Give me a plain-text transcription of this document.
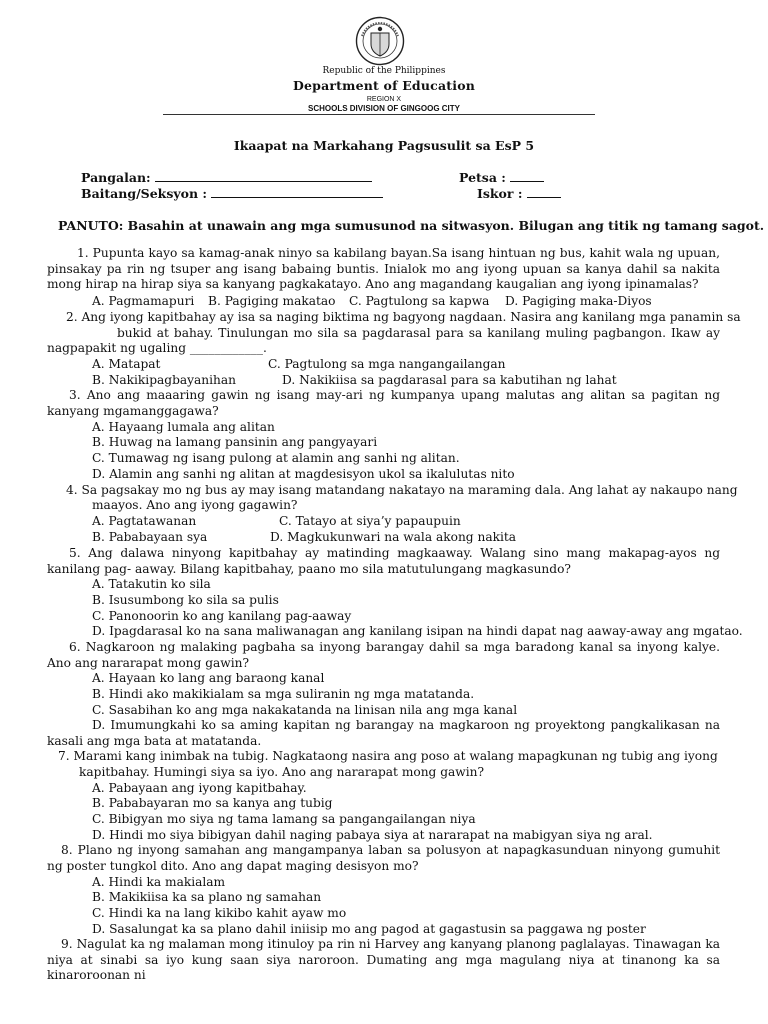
Republic of the Philippines
Department of Education
REGION X
SCHOOLS DIVISION OF GINGOOG CITY
Ikaapat na Markahang Pagsusulit sa EsP 5
Pangalan:	Petsa :
Baitang/Seksyon :	Iskor :
PANUTO: Basahin at unawain ang mga sumusunod na sitwasyon. Bilugan ang titik ng tamang sagot.
1. Pupunta kayo sa kamag-anak ninyo sa kabilang bayan.Sa isang hintuan ng bus, kahit wala ng upuan, pinsakay pa rin ng tsuper ang isang babaing buntis. Inialok mo ang iyong upuan sa kanya dahil sa nakita mong hirap na hirap siya sa kanyang pagkakatayo. Ano ang magandang kaugalian ang iyong ipinamalas?
A. Pagmamapuri B. Pagiging makatao C. Pagtulong sa kapwa D. Pagiging maka-Diyos
2. Ang iyong kapitbahay ay isa sa naging biktima ng bagyong nagdaan. Nasira ang kanilang mga panamin sa
bukid at bahay. Tinulungan mo sila sa pagdarasal para sa kanilang muling pagbangon. Ikaw ay
nagpapakit ng ugaling ____________.
A. Matapat	C. Pagtulong sa mga nangangailangan
B. Nakikipagbayanihan	D. Nakikiisa sa pagdarasal para sa kabutihan ng lahat
3. Ano ang maaaring gawin ng isang may-ari ng kumpanya upang malutas ang alitan sa pagitan ng kanyang mgamanggagawa?
A. Hayaang lumala ang alitan
B. Huwag na lamang pansinin ang pangyayari
C. Tumawag ng isang pulong at alamin ang sanhi ng alitan.
D. Alamin ang sanhi ng alitan at magdesisyon ukol sa ikalulutas nito
4. Sa pagsakay mo ng bus ay may isang matandang nakatayo na maraming dala. Ang lahat ay nakaupo nang
maayos. Ano ang iyong gagawin?
A. Pagtatawanan	C. Tatayo at siya’y papaupuin
B. Pababayaan sya	D. Magkukunwari na wala akong nakita
5. Ang dalawa ninyong kapitbahay ay matinding magkaaway. Walang sino mang makapag-ayos ng kanilang pag- aaway. Bilang kapitbahay, paano mo sila matutulungang magkasundo?
A. Tatakutin ko sila
B. Isusumbong ko sila sa pulis
C. Panonoorin ko ang kanilang pag-aaway
D. Ipagdarasal ko na sana maliwanagan ang kanilang isipan na hindi dapat nag aaway-away ang mgatao.
6. Nagkaroon ng malaking pagbaha sa inyong barangay dahil sa mga baradong kanal sa inyong kalye. Ano ang nararapat mong gawin?
A. Hayaan ko lang ang baraong kanal
B. Hindi ako makikialam sa mga suliranin ng mga matatanda.
C. Sasabihan ko ang mga nakakatanda na linisan nila ang mga kanal
D. Imumungkahi ko sa aming kapitan ng barangay na magkaroon ng proyektong pangkalikasan na kasali ang mga bata at matatanda.
7. Marami kang inimbak na tubig. Nagkataong nasira ang poso at walang mapagkunan ng tubig ang iyong
kapitbahay. Humingi siya sa iyo. Ano ang nararapat mong gawin?
A. Pabayaan ang iyong kapitbahay.
B. Pababayaran mo sa kanya ang tubig
C. Bibigyan mo siya ng tama lamang sa pangangailangan niya
D. Hindi mo siya bibigyan dahil naging pabaya siya at nararapat na mabigyan siya ng aral.
8. Plano ng inyong samahan ang mangampanya laban sa polusyon at napagkasunduan ninyong gumuhit ng poster tungkol dito. Ano ang dapat maging desisyon mo?
A. Hindi ka makialam
B. Makikiisa ka sa plano ng samahan
C. Hindi ka na lang kikibo kahit ayaw mo
D. Sasalungat ka sa plano dahil iniisip mo ang pagod at gagastusin sa paggawa ng poster
9. Nagulat ka ng malaman mong itinuloy pa rin ni Harvey ang kanyang planong paglalayas. Tinawagan ka niya at sinabi sa iyo kung saan siya naroroon. Dumating ang mga magulang niya at tinanong ka sa kinaroroonan ni
